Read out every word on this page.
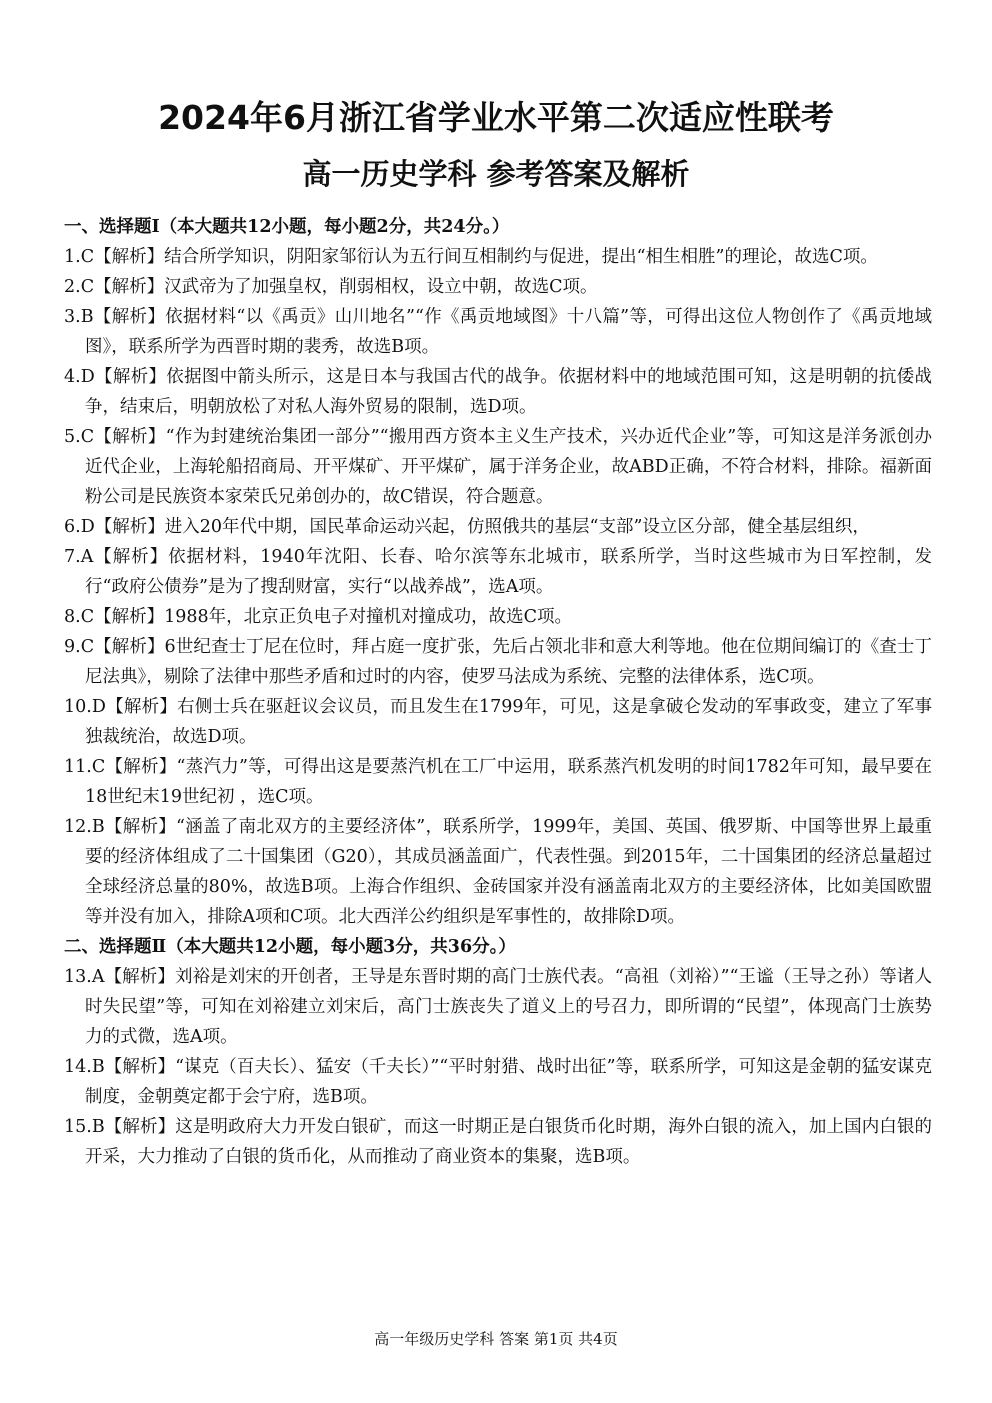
2024年6月浙江省学业水平第二次适应性联考
高一历史学科 参考答案及解析

一、选择题Ⅰ（本大题共12小题，每小题2分，共24分。）

1.C【解析】结合所学知识，阴阳家邹衍认为五行间互相制约与促进，提出“相生相胜”的理论，故选C项。

2.C【解析】汉武帝为了加强皇权，削弱相权，设立中朝，故选C项。

3.B【解析】依据材料“以《禹贡》山川地名”“作《禹贡地域图》十八篇”等，可得出这位人物创作了《禹贡地域图》，联系所学为西晋时期的裴秀，故选B项。

4.D【解析】依据图中箭头所示，这是日本与我国古代的战争。依据材料中的地域范围可知，这是明朝的抗倭战争，结束后，明朝放松了对私人海外贸易的限制，选D项。

5.C【解析】“作为封建统治集团一部分”“搬用西方资本主义生产技术，兴办近代企业”等，可知这是洋务派创办近代企业，上海轮船招商局、开平煤矿、开平煤矿，属于洋务企业，故ABD正确，不符合材料，排除。福新面粉公司是民族资本家荣氏兄弟创办的，故C错误，符合题意。

6.D【解析】进入20年代中期，国民革命运动兴起，仿照俄共的基层“支部”设立区分部，健全基层组织，

7.A【解析】依据材料，1940年沈阳、长春、哈尔滨等东北城市，联系所学，当时这些城市为日军控制，发行“政府公债券”是为了搜刮财富，实行“以战养战”，选A项。

8.C【解析】1988年，北京正负电子对撞机对撞成功，故选C项。

9.C【解析】6世纪查士丁尼在位时，拜占庭一度扩张，先后占领北非和意大利等地。他在位期间编订的《查士丁尼法典》，剔除了法律中那些矛盾和过时的内容，使罗马法成为系统、完整的法律体系，选C项。

10.D【解析】右侧士兵在驱赶议会议员，而且发生在1799年，可见，这是拿破仑发动的军事政变，建立了军事独裁统治，故选D项。

11.C【解析】“蒸汽力”等，可得出这是要蒸汽机在工厂中运用，联系蒸汽机发明的时间1782年可知，最早要在 18世纪末19世纪初 ，选C项。

12.B【解析】“涵盖了南北双方的主要经济体”，联系所学，1999年，美国、英国、俄罗斯、中国等世界上最重要的经济体组成了二十国集团（G20），其成员涵盖面广，代表性强。到2015年，二十国集团的经济总量超过全球经济总量的80%，故选B项。上海合作组织、金砖国家并没有涵盖南北双方的主要经济体，比如美国欧盟等并没有加入，排除A项和C项。北大西洋公约组织是军事性的，故排除D项。

二、选择题Ⅱ（本大题共12小题，每小题3分，共36分。）

13.A【解析】刘裕是刘宋的开创者，王导是东晋时期的高门士族代表。“高祖（刘裕）”“王谧（王导之孙）等诸人时失民望”等，可知在刘裕建立刘宋后，高门士族丧失了道义上的号召力，即所谓的“民望”，体现高门士族势力的式微，选A项。

14.B【解析】“谋克（百夫长）、猛安（千夫长）”“平时射猎、战时出征”等，联系所学，可知这是金朝的猛安谋克制度，金朝奠定都于会宁府，选B项。

15.B【解析】这是明政府大力开发白银矿，而这一时期正是白银货币化时期，海外白银的流入，加上国内白银的开采，大力推动了白银的货币化，从而推动了商业资本的集聚，选B项。

高一年级历史学科 答案 第1页 共4页
